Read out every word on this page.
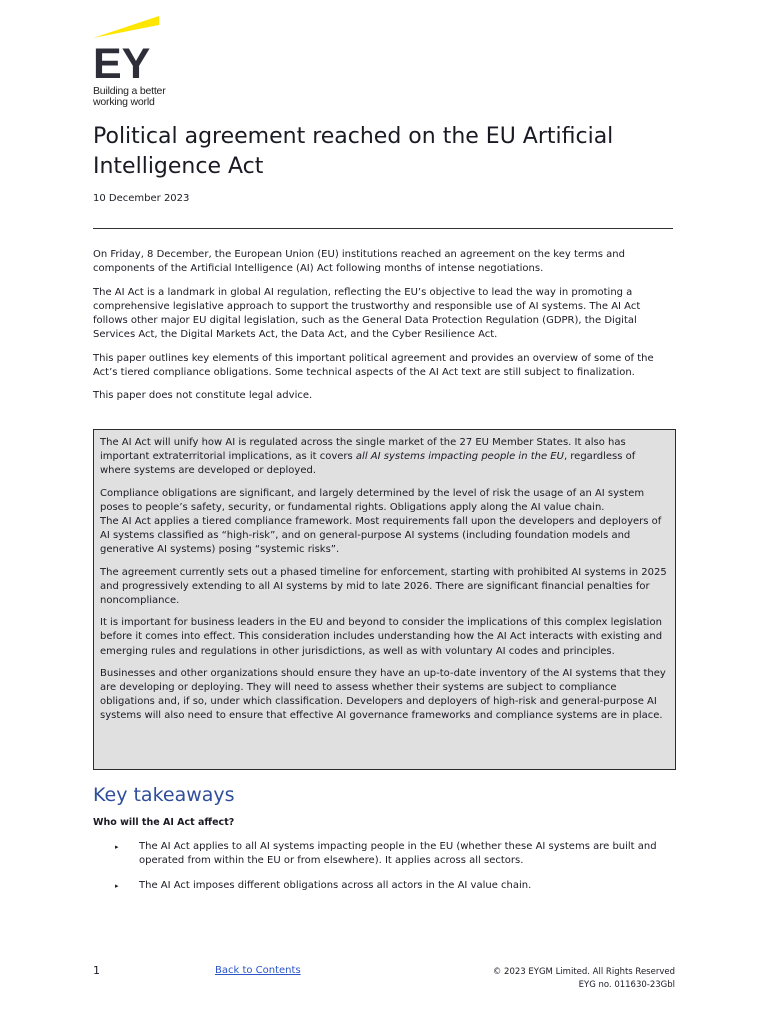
EY
Building a better
working world
Political agreement reached on the EU Artificial Intelligence Act
10 December 2023

On Friday, 8 December, the European Union (EU) institutions reached an agreement on the key terms and components of the Artificial Intelligence (AI) Act following months of intense negotiations.

The AI Act is a landmark in global AI regulation, reflecting the EU’s objective to lead the way in promoting a comprehensive legislative approach to support the trustworthy and responsible use of AI systems. The AI Act follows other major EU digital legislation, such as the General Data Protection Regulation (GDPR), the Digital Services Act, the Digital Markets Act, the Data Act, and the Cyber Resilience Act.

This paper outlines key elements of this important political agreement and provides an overview of some of the Act’s tiered compliance obligations. Some technical aspects of the AI Act text are still subject to finalization.

This paper does not constitute legal advice.

The AI Act will unify how AI is regulated across the single market of the 27 EU Member States. It also has important extraterritorial implications, as it covers all AI systems impacting people in the EU, regardless of where systems are developed or deployed.

Compliance obligations are significant, and largely determined by the level of risk the usage of an AI system poses to people’s safety, security, or fundamental rights. Obligations apply along the AI value chain.

The AI Act applies a tiered compliance framework. Most requirements fall upon the developers and deployers of AI systems classified as “high-risk”, and on general-purpose AI systems (including foundation models and generative AI systems) posing “systemic risks”.

The agreement currently sets out a phased timeline for enforcement, starting with prohibited AI systems in 2025 and progressively extending to all AI systems by mid to late 2026. There are significant financial penalties for noncompliance.

It is important for business leaders in the EU and beyond to consider the implications of this complex legislation before it comes into effect. This consideration includes understanding how the AI Act interacts with existing and emerging rules and regulations in other jurisdictions, as well as with voluntary AI codes and principles.

Businesses and other organizations should ensure they have an up-to-date inventory of the AI systems that they are developing or deploying. They will need to assess whether their systems are subject to compliance obligations and, if so, under which classification. Developers and deployers of high-risk and general-purpose AI systems will also need to ensure that effective AI governance frameworks and compliance systems are in place.

Key takeaways
Who will the AI Act affect?
▸ The AI Act applies to all AI systems impacting people in the EU (whether these AI systems are built and operated from within the EU or from elsewhere). It applies across all sectors.
▸ The AI Act imposes different obligations across all actors in the AI value chain.
1	Back to Contents	© 2023 EYGM Limited. All Rights Reserved
EYG no. 011630-23Gbl
